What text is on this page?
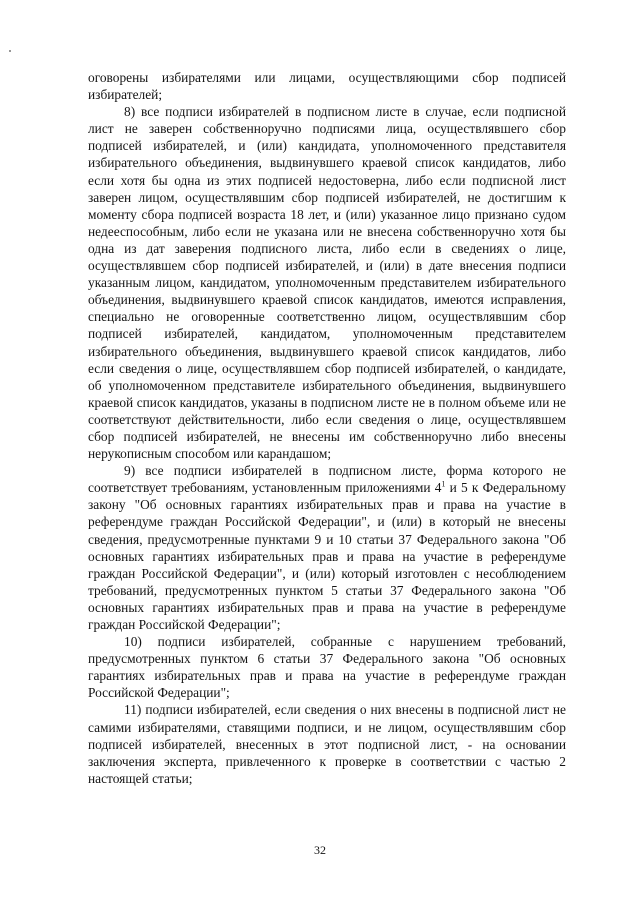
оговорены избирателями или лицами, осуществляющими сбор подписей избирателей;

8) все подписи избирателей в подписном листе в случае, если подписной лист не заверен собственноручно подписями лица, осуществлявшего сбор подписей избирателей, и (или) кандидата, уполномоченного представителя избирательного объединения, выдвинувшего краевой список кандидатов, либо если хотя бы одна из этих подписей недостоверна, либо если подписной лист заверен лицом, осуществлявшим сбор подписей избирателей, не достигшим к моменту сбора подписей возраста 18 лет, и (или) указанное лицо признано судом недееспособным, либо если не указана или не внесена собственноручно хотя бы одна из дат заверения подписного листа, либо если в сведениях о лице, осуществлявшем сбор подписей избирателей, и (или) в дате внесения подписи указанным лицом, кандидатом, уполномоченным представителем избирательного объединения, выдвинувшего краевой список кандидатов, имеются исправления, специально не оговоренные соответственно лицом, осуществлявшим сбор подписей избирателей, кандидатом, уполномоченным представителем избирательного объединения, выдвинувшего краевой список кандидатов, либо если сведения о лице, осуществлявшем сбор подписей избирателей, о кандидате, об уполномоченном представителе избирательного объединения, выдвинувшего краевой список кандидатов, указаны в подписном листе не в полном объеме или не соответствуют действительности, либо если сведения о лице, осуществлявшем сбор подписей избирателей, не внесены им собственноручно либо внесены нерукописным способом или карандашом;

9) все подписи избирателей в подписном листе, форма которого не соответствует требованиям, установленным приложениями $4^1$ и 5 к Федеральному закону "Об основных гарантиях избирательных прав и права на участие в референдуме граждан Российской Федерации", и (или) в который не внесены сведения, предусмотренные пунктами 9 и 10 статьи 37 Федерального закона "Об основных гарантиях избирательных прав и права на участие в референдуме граждан Российской Федерации", и (или) который изготовлен с несоблюдением требований, предусмотренных пунктом 5 статьи 37 Федерального закона "Об основных гарантиях избирательных прав и права на участие в референдуме граждан Российской Федерации";

10) подписи избирателей, собранные с нарушением требований, предусмотренных пунктом 6 статьи 37 Федерального закона "Об основных гарантиях избирательных прав и права на участие в референдуме граждан Российской Федерации";

11) подписи избирателей, если сведения о них внесены в подписной лист не самими избирателями, ставящими подписи, и не лицом, осуществлявшим сбор подписей избирателей, внесенных в этот подписной лист, - на основании заключения эксперта, привлеченного к проверке в соответствии с частью 2 настоящей статьи;

32
